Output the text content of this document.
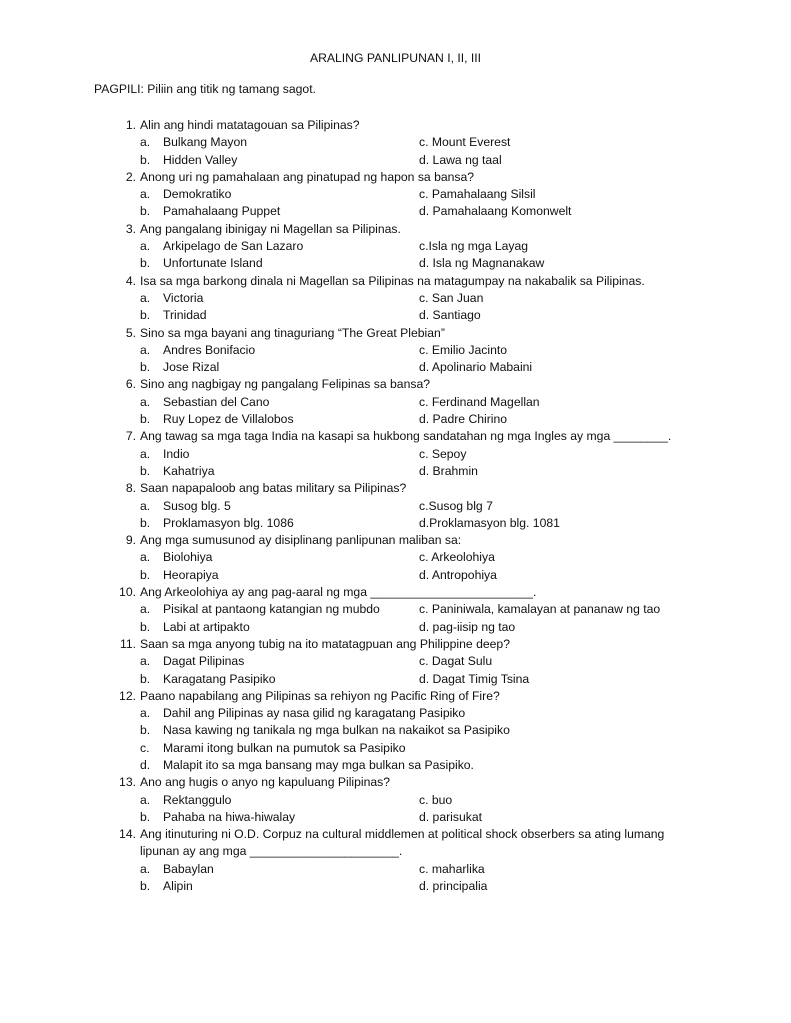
ARALING PANLIPUNAN I, II, III
PAGPILI: Piliin ang titik ng tamang sagot.
1. Alin ang hindi matatagouan sa Pilipinas?
a. Bulkang Mayon	c. Mount Everest
b. Hidden Valley	d. Lawa ng taal
2. Anong uri ng pamahalaan ang pinatupad ng hapon sa bansa?
a. Demokratiko	c. Pamahalaang Silsil
b. Pamahalaang Puppet	d. Pamahalaang Komonwelt
3. Ang pangalang ibinigay ni Magellan sa Pilipinas.
a. Arkipelago de San Lazaro	c.Isla ng mga Layag
b. Unfortunate Island	d. Isla ng Magnanakaw
4. Isa sa mga barkong dinala ni Magellan sa Pilipinas na matagumpay na nakabalik sa Pilipinas.
a. Victoria	c. San Juan
b. Trinidad	d. Santiago
5. Sino sa mga bayani ang tinaguriang “The Great Plebian”
a. Andres Bonifacio	c. Emilio Jacinto
b. Jose Rizal	d. Apolinario Mabaini
6. Sino ang nagbigay ng pangalang Felipinas sa bansa?
a. Sebastian del Cano	c. Ferdinand Magellan
b. Ruy Lopez de Villalobos	d. Padre Chirino
7. Ang tawag sa mga taga India na kasapi sa hukbong sandatahan ng mga Ingles ay mga ________.
a. Indio	c. Sepoy
b. Kahatriya	d. Brahmin
8. Saan napapaloob ang batas military sa Pilipinas?
a. Susog blg. 5	c.Susog blg 7
b. Proklamasyon blg. 1086	d.Proklamasyon blg. 1081
9. Ang mga sumusunod ay disiplinang panlipunan maliban sa:
a. Biolohiya	c. Arkeolohiya
b. Heorapiya	d. Antropohiya
10. Ang Arkeolohiya ay ang pag-aaral ng mga ________________________.
a. Pisikal at pantaong katangian ng mubdo	c. Paniniwala, kamalayan at pananaw ng tao
b. Labi at artipakto	d. pag-iisip ng tao
11. Saan sa mga anyong tubig na ito matatagpuan ang Philippine deep?
a. Dagat Pilipinas	c. Dagat Sulu
b. Karagatang Pasipiko	d. Dagat Timig Tsina
12. Paano napabilang ang Pilipinas sa rehiyon ng Pacific Ring of Fire?
a. Dahil ang Pilipinas ay nasa gilid ng karagatang Pasipiko
b. Nasa kawing ng tanikala ng mga bulkan na nakaikot sa Pasipiko
c. Marami itong bulkan na pumutok sa Pasipiko
d. Malapit ito sa mga bansang may mga bulkan sa Pasipiko.
13. Ano ang hugis o anyo ng kapuluang Pilipinas?
a. Rektanggulo	c. buo
b. Pahaba na hiwa-hiwalay	d. parisukat
14. Ang itinuturing ni O.D. Corpuz na cultural middlemen at political shock obserbers sa ating lumang
lipunan ay ang mga ______________________.
a. Babaylan	c. maharlika
b. Alipin	d. principalia
